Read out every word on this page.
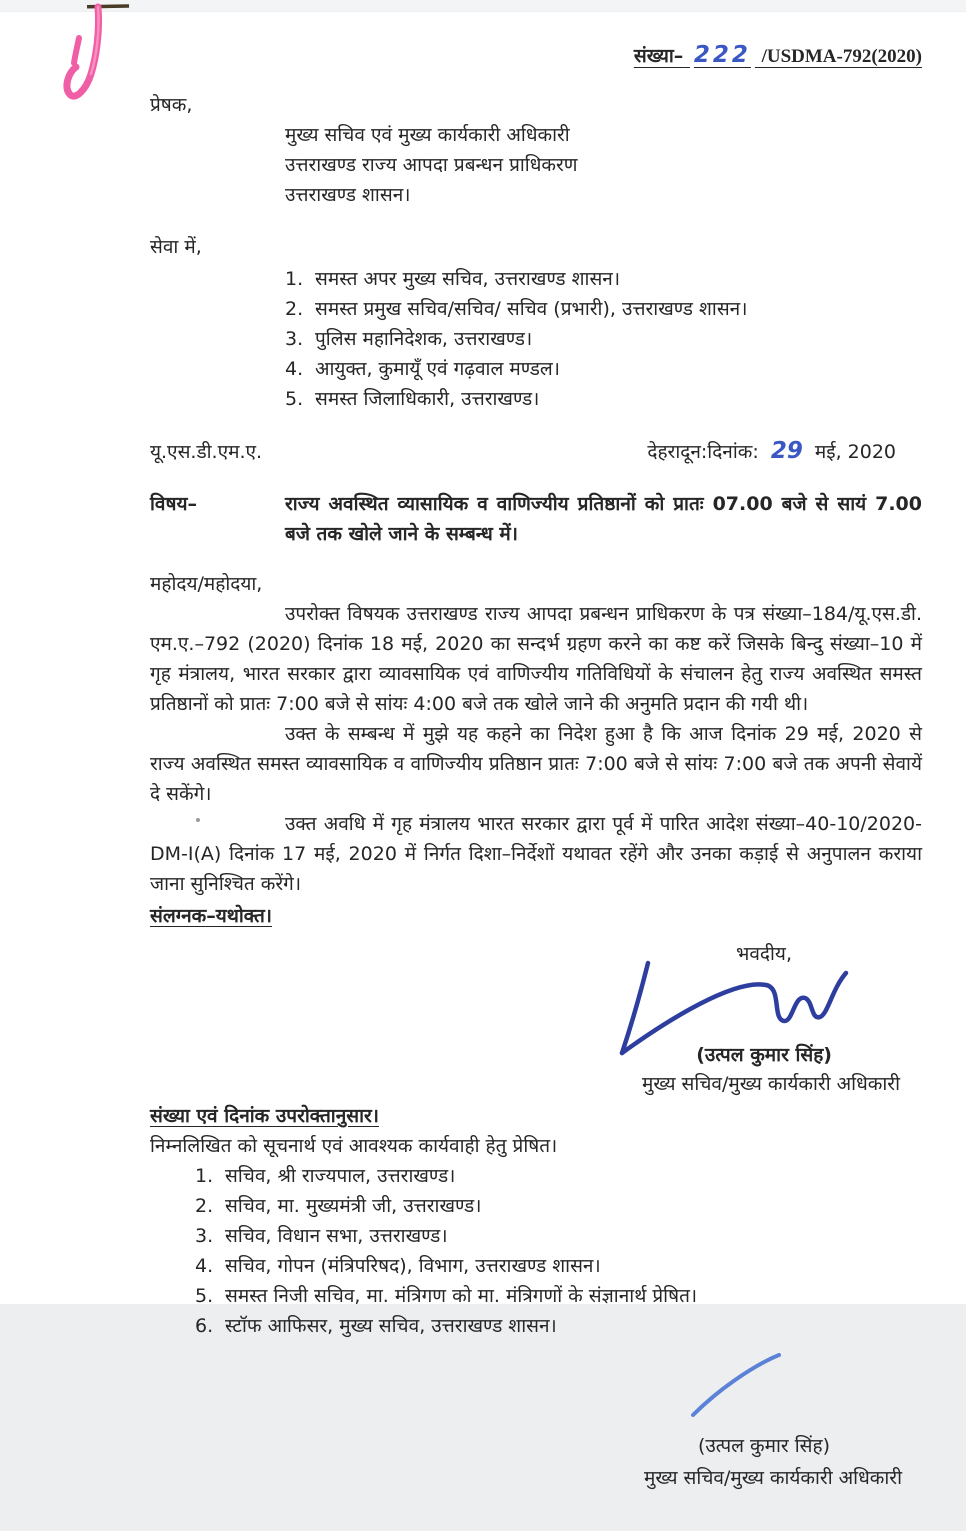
संख्या– 222 /USDMA-792(2020)
प्रेषक,
मुख्य सचिव एवं मुख्य कार्यकारी अधिकारी
उत्तराखण्ड राज्य आपदा प्रबन्धन प्राधिकरण
उत्तराखण्ड शासन।
सेवा में,
1. समस्त अपर मुख्य सचिव, उत्तराखण्ड शासन।
2. समस्त प्रमुख सचिव/सचिव/ सचिव (प्रभारी), उत्तराखण्ड शासन।
3. पुलिस महानिदेशक, उत्तराखण्ड।
4. आयुक्त, कुमायूँ एवं गढ़वाल मण्डल।
5. समस्त जिलाधिकारी, उत्तराखण्ड।
यू.एस.डी.एम.ए.	देहरादून:दिनांक: 29 मई, 2020
विषय–	राज्य अवस्थित व्यासायिक व वाणिज्यीय प्रतिष्ठानों को प्रातः 07.00 बजे से सायं 7.00 बजे तक खोले जाने के सम्बन्ध में।
महोदय/महोदया,

उपरोक्त विषयक उत्तराखण्ड राज्य आपदा प्रबन्धन प्राधिकरण के पत्र संख्या–184/यू.एस.डी. एम.ए.–792 (2020) दिनांक 18 मई, 2020 का सन्दर्भ ग्रहण करने का कष्ट करें जिसके बिन्दु संख्या–10 में गृह मंत्रालय, भारत सरकार द्वारा व्यावसायिक एवं वाणिज्यीय गतिविधियों के संचालन हेतु राज्य अवस्थित समस्त प्रतिष्ठानों को प्रातः 7:00 बजे से सांयः 4:00 बजे तक खोले जाने की अनुमति प्रदान की गयी थी।

उक्त के सम्बन्ध में मुझे यह कहने का निदेश हुआ है कि आज दिनांक 29 मई, 2020 से राज्य अवस्थित समस्त व्यावसायिक व वाणिज्यीय प्रतिष्ठान प्रातः 7:00 बजे से सांयः 7:00 बजे तक अपनी सेवायें दे सकेंगे।

उक्त अवधि में गृह मंत्रालय भारत सरकार द्वारा पूर्व में पारित आदेश संख्या–40-10/2020-DM-I(A) दिनांक 17 मई, 2020 में निर्गत दिशा–निर्देशों यथावत रहेंगे और उनका कड़ाई से अनुपालन कराया जाना सुनिश्चित करेंगे।

संलग्नक–यथोक्त।
भवदीय,
(उत्पल कुमार सिंह)
मुख्य सचिव/मुख्य कार्यकारी अधिकारी
संख्या एवं दिनांक उपरोक्तानुसार।
निम्नलिखित को सूचनार्थ एवं आवश्यक कार्यवाही हेतु प्रेषित।
1. सचिव, श्री राज्यपाल, उत्तराखण्ड।
2. सचिव, मा. मुख्यमंत्री जी, उत्तराखण्ड।
3. सचिव, विधान सभा, उत्तराखण्ड।
4. सचिव, गोपन (मंत्रिपरिषद), विभाग, उत्तराखण्ड शासन।
5. समस्त निजी सचिव, मा. मंत्रिगण को मा. मंत्रिगणों के संज्ञानार्थ प्रेषित।
6. स्टॉफ आफिसर, मुख्य सचिव, उत्तराखण्ड शासन।
(उत्पल कुमार सिंह)
मुख्य सचिव/मुख्य कार्यकारी अधिकारी
